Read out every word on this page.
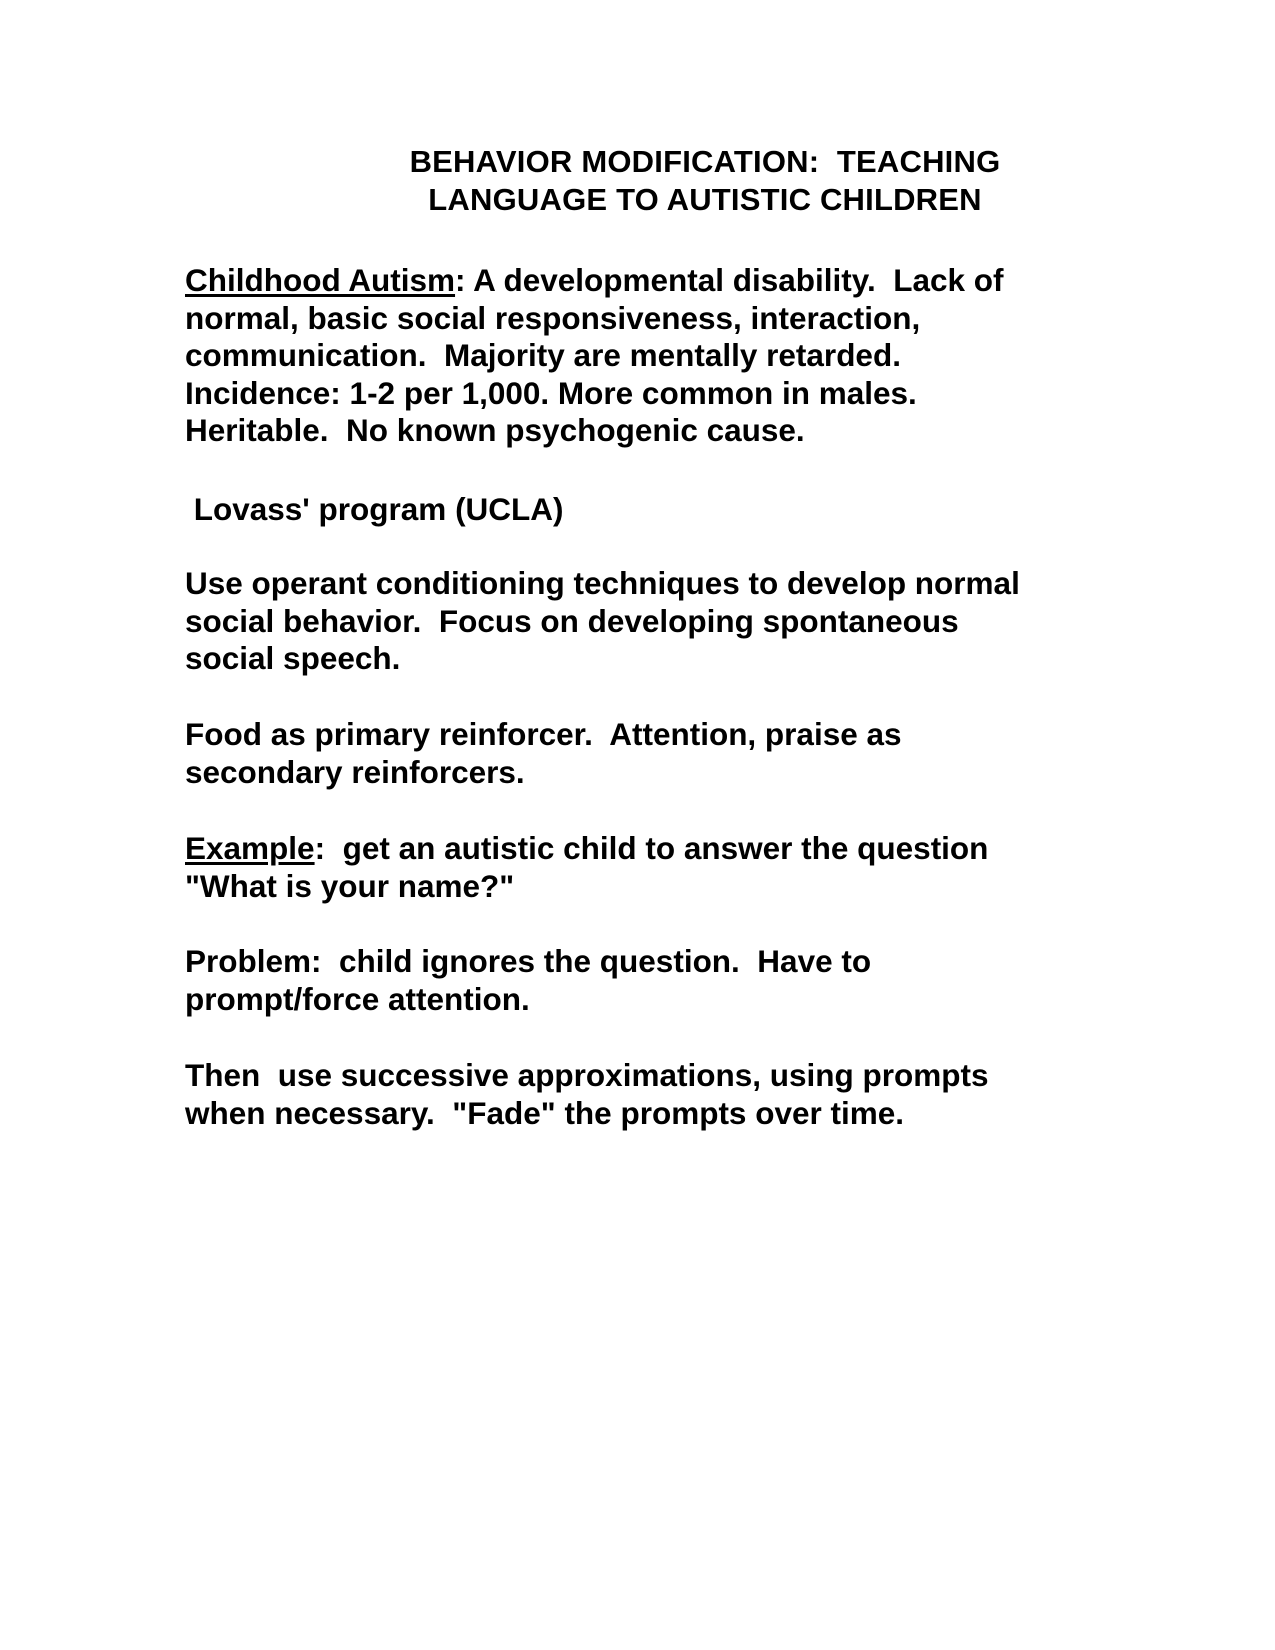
BEHAVIOR MODIFICATION:  TEACHING
LANGUAGE TO AUTISTIC CHILDREN
Childhood Autism: A developmental disability.  Lack of
normal, basic social responsiveness, interaction,
communication.  Majority are mentally retarded.
Incidence: 1-2 per 1,000. More common in males.
Heritable.  No known psychogenic cause.
Lovass' program (UCLA)
Use operant conditioning techniques to develop normal
social behavior.  Focus on developing spontaneous
social speech.
Food as primary reinforcer.  Attention, praise as
secondary reinforcers.
Example:  get an autistic child to answer the question
"What is your name?"
Problem:  child ignores the question.  Have to
prompt/force attention.
Then  use successive approximations, using prompts
when necessary.  "Fade" the prompts over time.
